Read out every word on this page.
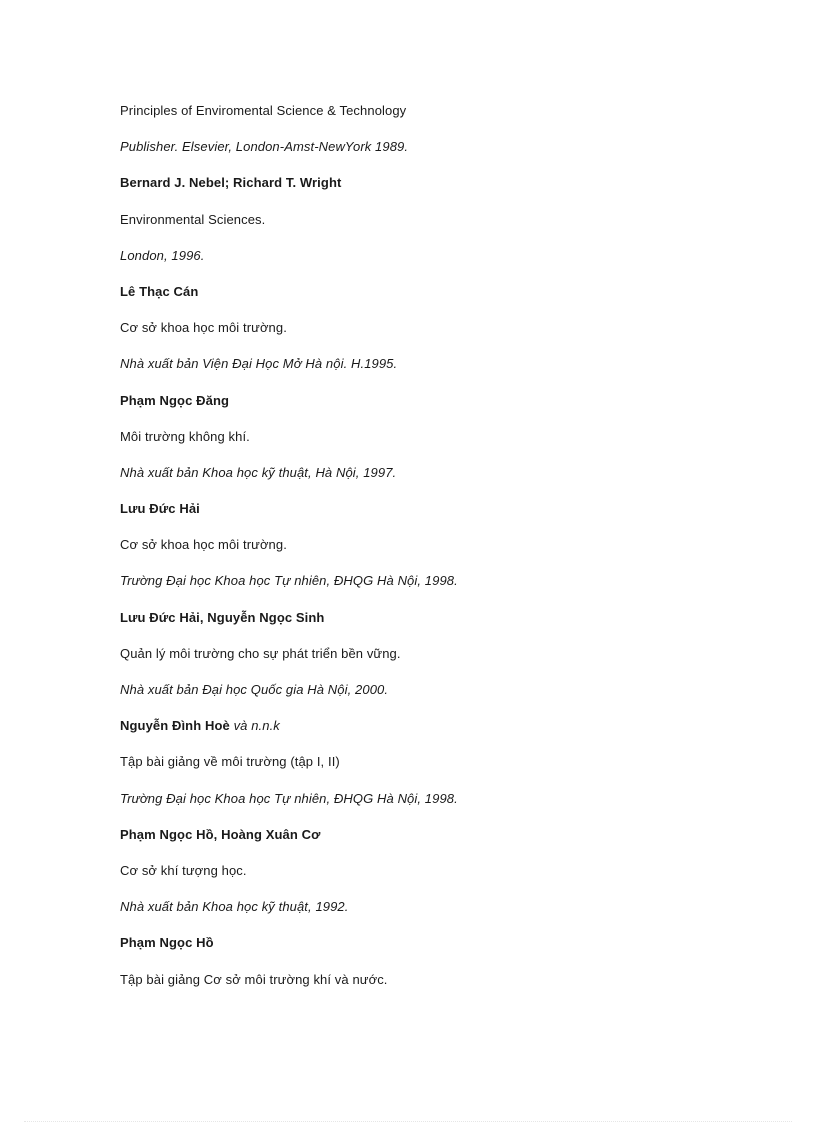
Principles of Enviromental Science & Technology
Publisher. Elsevier, London-Amst-NewYork 1989.
Bernard J. Nebel; Richard T. Wright
Environmental Sciences.
London, 1996.
Lê Thạc Cán
Cơ sở khoa học môi trường.
Nhà xuất bản Viện Đại Học Mở Hà nội. H.1995.
Phạm Ngọc Đăng
Môi trường không khí.
Nhà xuất bản Khoa học kỹ thuật, Hà Nội, 1997.
Lưu Đức Hải
Cơ sở khoa học môi trường.
Trường Đại học Khoa học Tự nhiên, ĐHQG Hà Nội, 1998.
Lưu Đức Hải, Nguyễn Ngọc Sinh
Quản lý môi trường cho sự phát triển bền vững.
Nhà xuất bản Đại học Quốc gia Hà Nội, 2000.
Nguyễn Đình Hoè và n.n.k
Tập bài giảng về môi trường (tập I, II)
Trường Đại học Khoa học Tự nhiên, ĐHQG Hà Nội, 1998.
Phạm Ngọc Hồ, Hoàng Xuân Cơ
Cơ sở khí tượng học.
Nhà xuất bản Khoa học kỹ thuật, 1992.
Phạm Ngọc Hồ
Tập bài giảng Cơ sở môi trường khí và nước.
